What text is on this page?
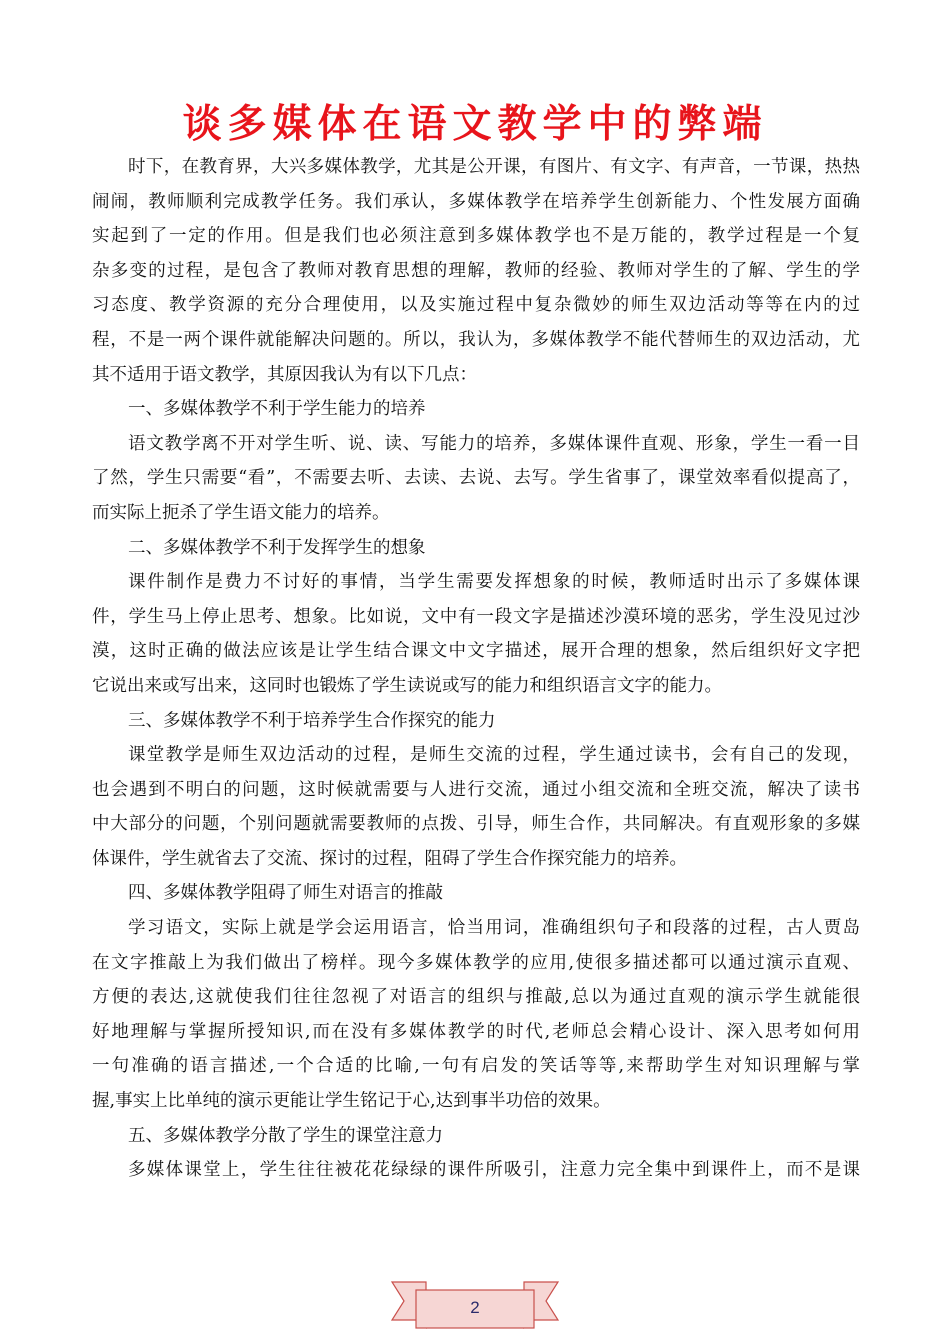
谈多媒体在语文教学中的弊端
时下，在教育界，大兴多媒体教学，尤其是公开课，有图片、有文字、有声音，一节课，热热
闹闹，教师顺利完成教学任务。我们承认，多媒体教学在培养学生创新能力、个性发展方面确
实起到了一定的作用。但是我们也必须注意到多媒体教学也不是万能的，教学过程是一个复
杂多变的过程，是包含了教师对教育思想的理解，教师的经验、教师对学生的了解、学生的学
习态度、教学资源的充分合理使用，以及实施过程中复杂微妙的师生双边活动等等在内的过
程，不是一两个课件就能解决问题的。所以，我认为，多媒体教学不能代替师生的双边活动，尤
其不适用于语文教学，其原因我认为有以下几点：
一、多媒体教学不利于学生能力的培养
语文教学离不开对学生听、说、读、写能力的培养，多媒体课件直观、形象，学生一看一目
了然，学生只需要“看”，不需要去听、去读、去说、去写。学生省事了，课堂效率看似提高了，
而实际上扼杀了学生语文能力的培养。
二、多媒体教学不利于发挥学生的想象
课件制作是费力不讨好的事情，当学生需要发挥想象的时候，教师适时出示了多媒体课
件，学生马上停止思考、想象。比如说，文中有一段文字是描述沙漠环境的恶劣，学生没见过沙
漠，这时正确的做法应该是让学生结合课文中文字描述，展开合理的想象，然后组织好文字把
它说出来或写出来，这同时也锻炼了学生读说或写的能力和组织语言文字的能力。
三、多媒体教学不利于培养学生合作探究的能力
课堂教学是师生双边活动的过程，是师生交流的过程，学生通过读书，会有自己的发现，
也会遇到不明白的问题，这时候就需要与人进行交流，通过小组交流和全班交流，解决了读书
中大部分的问题，个别问题就需要教师的点拨、引导，师生合作，共同解决。有直观形象的多媒
体课件，学生就省去了交流、探讨的过程，阻碍了学生合作探究能力的培养。
四、多媒体教学阻碍了师生对语言的推敲
学习语文，实际上就是学会运用语言，恰当用词，准确组织句子和段落的过程，古人贾岛
在文字推敲上为我们做出了榜样。现今多媒体教学的应用,使很多描述都可以通过演示直观、
方便的表达,这就使我们往往忽视了对语言的组织与推敲,总以为通过直观的演示学生就能很
好地理解与掌握所授知识,而在没有多媒体教学的时代,老师总会精心设计、深入思考如何用
一句准确的语言描述,一个合适的比喻,一句有启发的笑话等等,来帮助学生对知识理解与掌
握,事实上比单纯的演示更能让学生铭记于心,达到事半功倍的效果。
五、多媒体教学分散了学生的课堂注意力
多媒体课堂上，学生往往被花花绿绿的课件所吸引，注意力完全集中到课件上，而不是课
2
